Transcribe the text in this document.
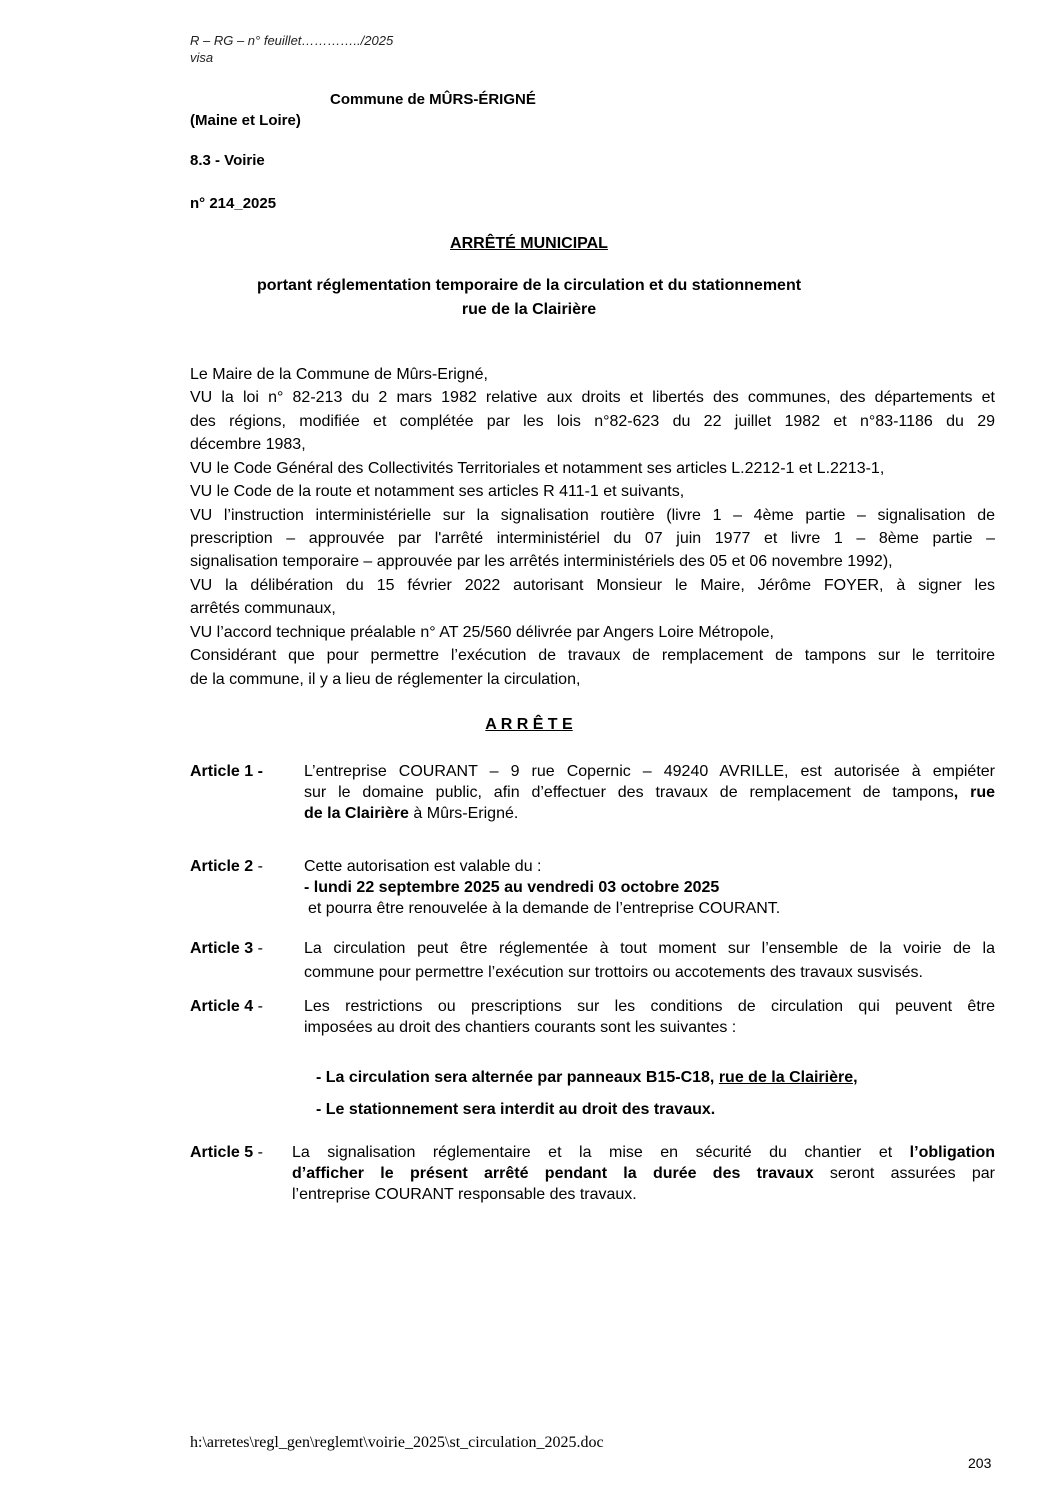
R – RG – n° feuillet…………../2025
visa
Commune de MÛRS-ÉRIGNÉ
(Maine et Loire)
8.3 - Voirie
n° 214_2025
ARRÊTÉ MUNICIPAL
portant réglementation temporaire de la circulation et du stationnement
rue de la Clairière
Le Maire de la Commune de Mûrs-Erigné,
VU la loi n° 82-213 du 2 mars 1982 relative aux droits et libertés des communes, des départements et
des régions, modifiée et complétée par les lois n°82-623 du 22 juillet 1982 et n°83-1186 du 29
décembre 1983,
VU le Code Général des Collectivités Territoriales et notamment ses articles L.2212-1 et L.2213-1,
VU le Code de la route et notamment ses articles R 411-1 et suivants,
VU l’instruction interministérielle sur la signalisation routière (livre 1 – 4ème partie – signalisation de
prescription – approuvée par l'arrêté interministériel du 07 juin 1977 et livre 1 – 8ème partie –
signalisation temporaire – approuvée par les arrêtés interministériels des 05 et 06 novembre 1992),
VU la délibération du 15 février 2022 autorisant Monsieur le Maire, Jérôme FOYER, à signer les
arrêtés communaux,
VU l’accord technique préalable n° AT 25/560 délivrée par Angers Loire Métropole,
Considérant que pour permettre l’exécution de travaux de remplacement de tampons sur le territoire
de la commune, il y a lieu de réglementer la circulation,
A R R Ê T E
Article 1 -	L’entreprise COURANT – 9 rue Copernic – 49240 AVRILLE, est autorisée à empiéter
sur le domaine public, afin d’effectuer des travaux de remplacement de tampons, rue
de la Clairière à Mûrs-Erigné.
Article 2 -	Cette autorisation est valable du :
- lundi 22 septembre 2025 au vendredi 03 octobre 2025
et pourra être renouvelée à la demande de l’entreprise COURANT.
Article 3 -	La circulation peut être réglementée à tout moment sur l’ensemble de la voirie de la
commune pour permettre l’exécution sur trottoirs ou accotements des travaux susvisés.
Article 4 -	Les restrictions ou prescriptions sur les conditions de circulation qui peuvent être
imposées au droit des chantiers courants sont les suivantes :
- La circulation sera alternée par panneaux B15-C18, rue de la Clairière,
- Le stationnement sera interdit au droit des travaux.
Article 5 - La signalisation réglementaire et la mise en sécurité du chantier et l’obligation
d’afficher le présent arrêté pendant la durée des travaux seront assurées par
l’entreprise COURANT responsable des travaux.
h:\arretes\regl_gen\reglemt\voirie_2025\st_circulation_2025.doc
203
